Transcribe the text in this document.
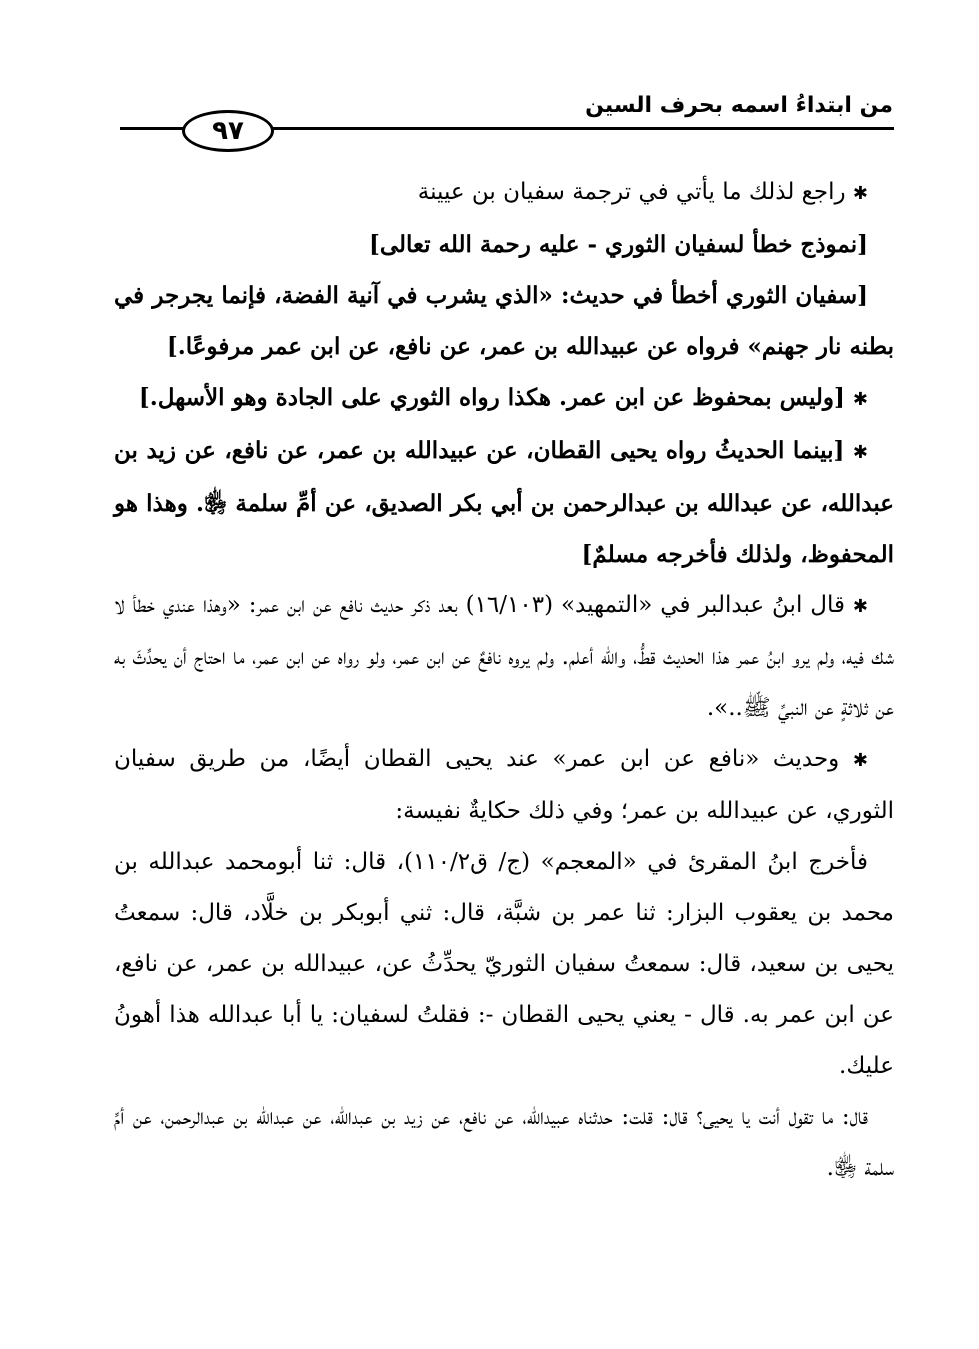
من ابتداءُ اسمه بحرف السين
٩٧

✱ راجع لذلك ما يأتي في ترجمة سفيان بن عيينة

[نموذج خطأ لسفيان الثوري - عليه رحمة الله تعالى]

[سفيان الثوري أخطأ في حديث: «الذي يشرب في آنية الفضة، فإنما يجرجر في بطنه نار جهنم» فرواه عن عبيدالله بن عمر، عن نافع، عن ابن عمر مرفوعًا.]

✱ [وليس بمحفوظ عن ابن عمر. هكذا رواه الثوري على الجادة وهو الأسهل.]

✱ [بينما الحديثُ رواه يحيى القطان، عن عبيدالله بن عمر، عن نافع، عن زيد بن عبدالله، عن عبدالله بن عبدالرحمن بن أبي بكر الصديق، عن أمِّ سلمة ﵂. وهذا هو المحفوظ، ولذلك فأخرجه مسلمٌ]

✱ قال ابنُ عبدالبر في «التمهيد» (١٦/١٠٣) بعد ذكر حديث نافع عن ابن عمر: «وهذا عندي خطأ لا شك فيه، ولم يرو ابنُ عمر هذا الحديث قطُّ، والله أعلم. ولم يروه نافعٌ عن ابن عمر، ولو رواه عن ابن عمر، ما احتاج أن يحدِّثَ به عن ثلاثةٍ عن النبيِّ ﷺ..».

✱ وحديث «نافع عن ابن عمر» عند يحيى القطان أيضًا، من طريق سفيان الثوري، عن عبيدالله بن عمر؛ وفي ذلك حكايةٌ نفيسة:

فأخرج ابنُ المقرئ في «المعجم» (ج/ ق١١٠/٢)، قال: ثنا أبومحمد عبدالله بن محمد بن يعقوب البزار: ثنا عمر بن شبَّة، قال: ثني أبوبكر بن خلَّاد، قال: سمعتُ يحيى بن سعيد، قال: سمعتُ سفيان الثوريّ يحدِّثُ عن، عبيدالله بن عمر، عن نافع، عن ابن عمر به. قال - يعني يحيى القطان -: فقلتُ لسفيان: يا أبا عبدالله هذا أهونُ عليك.

قال: ما تقول أنت يا يحيى؟ قال: قلت: حدثناه عبيدالله، عن نافع، عن زيد بن عبدالله، عن عبدالله بن عبدالرحمن، عن أمِّ سلمة ﵂.
